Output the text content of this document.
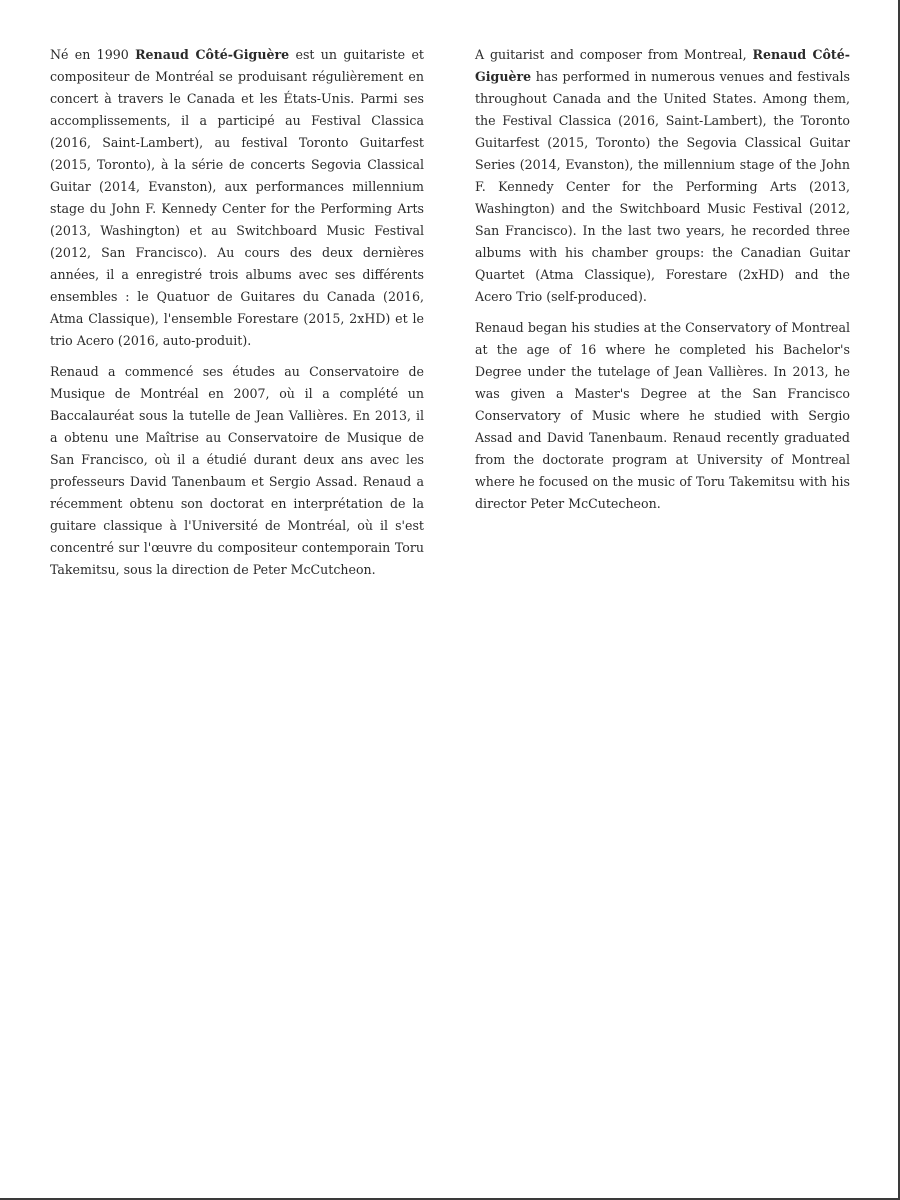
Né en 1990 Renaud Côté-Giguère est un guitariste et compositeur de Montréal se produisant régulièrement en concert à travers le Canada et les États-Unis. Parmi ses accomplissements, il a participé au Festival Classica (2016, Saint-Lambert), au festival Toronto Guitarfest (2015, Toronto), à la série de concerts Segovia Classical Guitar (2014, Evanston), aux performances millennium stage du John F. Kennedy Center for the Performing Arts (2013, Washington) et au Switchboard Music Festival (2012, San Francisco). Au cours des deux dernières années, il a enregistré trois albums avec ses différents ensembles : le Quatuor de Guitares du Canada (2016, Atma Classique), l'ensemble Forestare (2015, 2xHD) et le trio Acero (2016, auto-produit).

Renaud a commencé ses études au Conservatoire de Musique de Montréal en 2007, où il a complété un Baccalauréat sous la tutelle de Jean Vallières. En 2013, il a obtenu une Maîtrise au Conservatoire de Musique de San Francisco, où il a étudié durant deux ans avec les professeurs David Tanenbaum et Sergio Assad. Renaud a récemment obtenu son doctorat en interprétation de la guitare classique à l'Université de Montréal, où il s'est concentré sur l'œuvre du compositeur contemporain Toru Takemitsu, sous la direction de Peter McCutcheon.

A guitarist and composer from Montreal, Renaud Côté-Giguère has performed in numerous venues and festivals throughout Canada and the United States. Among them, the Festival Classica (2016, Saint-Lambert), the Toronto Guitarfest (2015, Toronto) the Segovia Classical Guitar Series (2014, Evanston), the millennium stage of the John F. Kennedy Center for the Performing Arts (2013, Washington) and the Switchboard Music Festival (2012, San Francisco). In the last two years, he recorded three albums with his chamber groups: the Canadian Guitar Quartet (Atma Classique), Forestare (2xHD) and the Acero Trio (self-produced).

Renaud began his studies at the Conservatory of Montreal at the age of 16 where he completed his Bachelor's Degree under the tutelage of Jean Vallières. In 2013, he was given a Master's Degree at the San Francisco Conservatory of Music where he studied with Sergio Assad and David Tanenbaum. Renaud recently graduated from the doctorate program at University of Montreal where he focused on the music of Toru Takemitsu with his director Peter McCutecheon.
